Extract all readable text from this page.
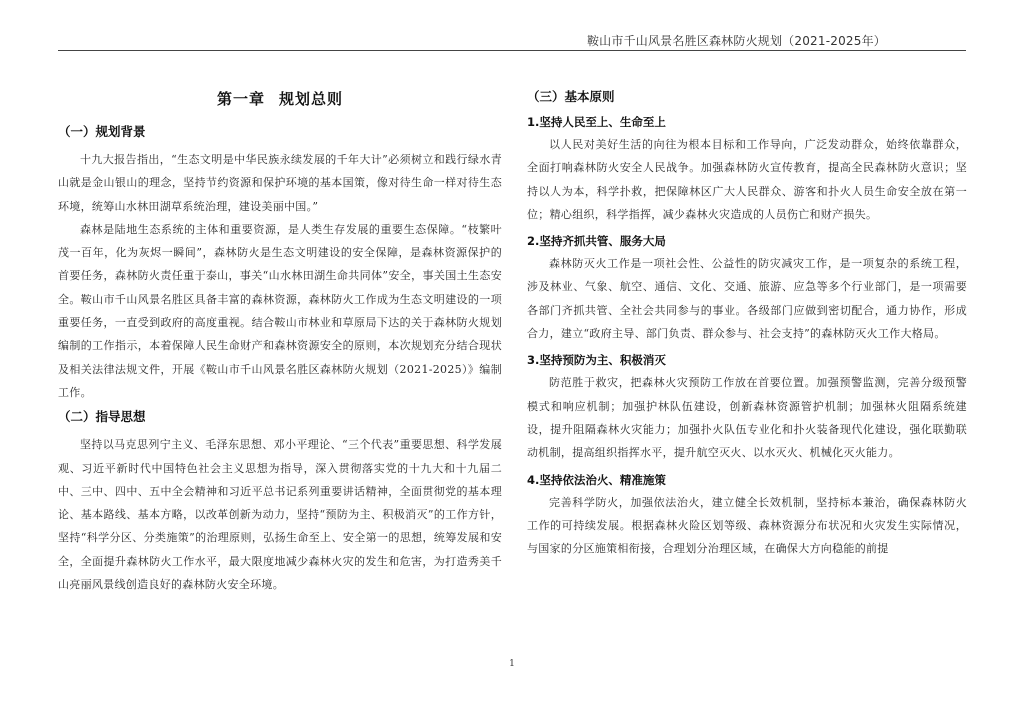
鞍山市千山风景名胜区森林防火规划（2021-2025年）
第一章 规划总则
（一）规划背景

十九大报告指出，“生态文明是中华民族永续发展的千年大计”必须树立和践行绿水青山就是金山银山的理念，坚持节约资源和保护环境的基本国策，像对待生命一样对待生态环境，统筹山水林田湖草系统治理，建设美丽中国。”

森林是陆地生态系统的主体和重要资源，是人类生存发展的重要生态保障。“枝繁叶茂一百年，化为灰烬一瞬间”，森林防火是生态文明建设的安全保障，是森林资源保护的首要任务，森林防火责任重于泰山，事关“山水林田湖生命共同体”安全，事关国土生态安全。鞍山市千山风景名胜区具备丰富的森林资源，森林防火工作成为生态文明建设的一项重要任务，一直受到政府的高度重视。结合鞍山市林业和草原局下达的关于森林防火规划编制的工作指示，本着保障人民生命财产和森林资源安全的原则，本次规划充分结合现状及相关法律法规文件，开展《鞍山市千山风景名胜区森林防火规划（2021-2025）》编制工作。

（二）指导思想

坚持以马克思列宁主义、毛泽东思想、邓小平理论、“三个代表”重要思想、科学发展观、习近平新时代中国特色社会主义思想为指导，深入贯彻落实党的十九大和十九届二中、三中、四中、五中全会精神和习近平总书记系列重要讲话精神，全面贯彻党的基本理论、基本路线、基本方略，以改革创新为动力，坚持“预防为主、积极消灭”的工作方针，坚持“科学分区、分类施策”的治理原则，弘扬生命至上、安全第一的思想，统筹发展和安全，全面提升森林防火工作水平，最大限度地减少森林火灾的发生和危害，为打造秀美千山亮丽风景线创造良好的森林防火安全环境。

（三）基本原则
1.坚持人民至上、生命至上

以人民对美好生活的向往为根本目标和工作导向，广泛发动群众，始终依靠群众，全面打响森林防火安全人民战争。加强森林防火宣传教育，提高全民森林防火意识；坚持以人为本，科学扑救，把保障林区广大人民群众、游客和扑火人员生命安全放在第一位；精心组织，科学指挥，减少森林火灾造成的人员伤亡和财产损失。

2.坚持齐抓共管、服务大局

森林防灭火工作是一项社会性、公益性的防灾减灾工作，是一项复杂的系统工程，涉及林业、气象、航空、通信、文化、交通、旅游、应急等多个行业部门，是一项需要各部门齐抓共管、全社会共同参与的事业。各级部门应做到密切配合，通力协作，形成合力，建立“政府主导、部门负责、群众参与、社会支持”的森林防灭火工作大格局。

3.坚持预防为主、积极消灭

防范胜于救灾，把森林火灾预防工作放在首要位置。加强预警监测，完善分级预警模式和响应机制；加强护林队伍建设，创新森林资源管护机制；加强林火阻隔系统建设，提升阻隔森林火灾能力；加强扑火队伍专业化和扑火装备现代化建设，强化联勤联动机制，提高组织指挥水平，提升航空灭火、以水灭火、机械化灭火能力。

4.坚持依法治火、精准施策

完善科学防火，加强依法治火，建立健全长效机制，坚持标本兼治，确保森林防火工作的可持续发展。根据森林火险区划等级、森林资源分布状况和火灾发生实际情况，与国家的分区施策相衔接，合理划分治理区域，在确保大方向稳能的前提

1
